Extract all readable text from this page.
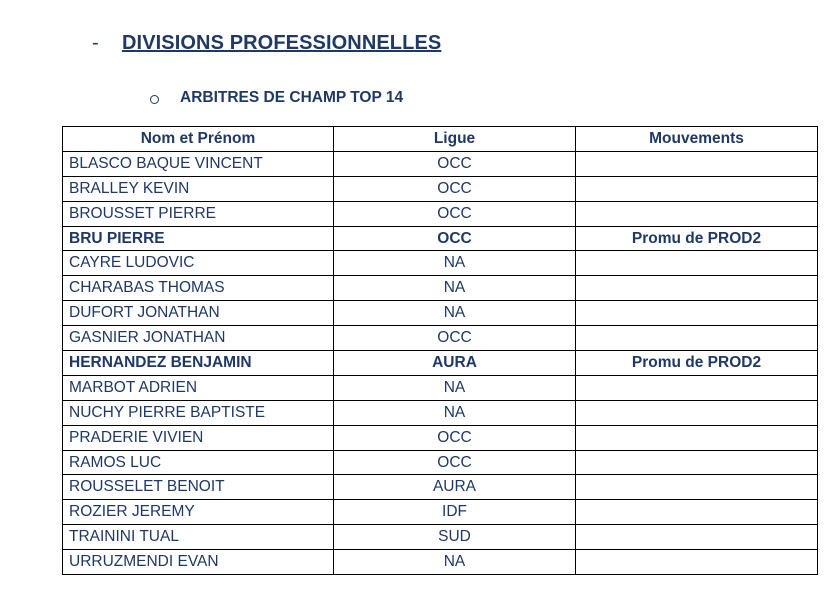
-	DIVISIONS PROFESSIONNELLES
ARBITRES DE CHAMP TOP 14
Nom et Prénom	Ligue	Mouvements
BLASCO BAQUE VINCENT	OCC	
BRALLEY KEVIN	OCC	
BROUSSET PIERRE	OCC	
BRU PIERRE	OCC	Promu de PROD2
CAYRE LUDOVIC	NA	
CHARABAS THOMAS	NA	
DUFORT JONATHAN	NA	
GASNIER JONATHAN	OCC	
HERNANDEZ BENJAMIN	AURA	Promu de PROD2
MARBOT ADRIEN	NA	
NUCHY PIERRE BAPTISTE	NA	
PRADERIE VIVIEN	OCC	
RAMOS LUC	OCC	
ROUSSELET BENOIT	AURA	
ROZIER JEREMY	IDF	
TRAININI TUAL	SUD	
URRUZMENDI EVAN	NA	
